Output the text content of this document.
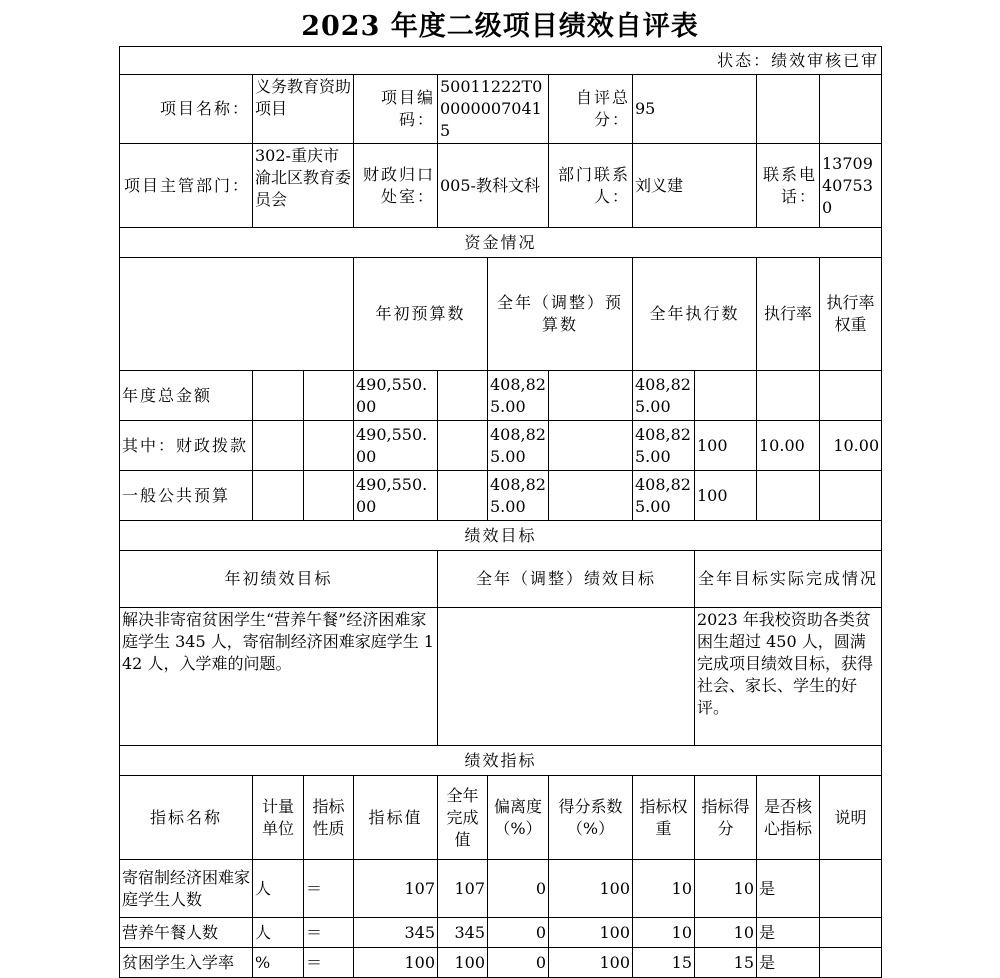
2023 年度二级项目绩效自评表
状态：绩效审核已审											
项目名称：	义务教育资助项目		项目编码：	50011222T000000070415		自评总分：	95				
项目主管部门：	302-重庆市渝北区教育委员会		财政归口处室：	005-教科文科		部门联系人：	刘义建		联系电话：	13709407530	
资金情况											
			年初预算数		全年（调整）预算数		全年执行数		执行率	执行率权重	
年度总金额			490,550.00		408,825.00		408,825.00				
其中：财政拨款			490,550.00		408,825.00		408,825.00	100	10.00	10.00	
一般公共预算			490,550.00		408,825.00		408,825.00	100			
绩效目标											
年初绩效目标				全年（调整）绩效目标				全年目标实际完成情况			
解决非寄宿贫困学生“营养午餐”经济困难家庭学生 345 人，寄宿制经济困难家庭学生 142 人，入学难的问题。								2023 年我校资助各类贫困生超过 450 人，圆满完成项目绩效目标，获得社会、家长、学生的好评。			
绩效指标											
指标名称	计量单位	指标性质	指标值	全年完成值	偏离度（%）	得分系数（%）	指标权重	指标得分	是否核心指标	说明	
寄宿制经济困难家庭学生人数	人	＝	107	107	0	100	10	10	是		
营养午餐人数	人	＝	345	345	0	100	10	10	是		
贫困学生入学率	%	＝	100	100	0	100	15	15	是		
